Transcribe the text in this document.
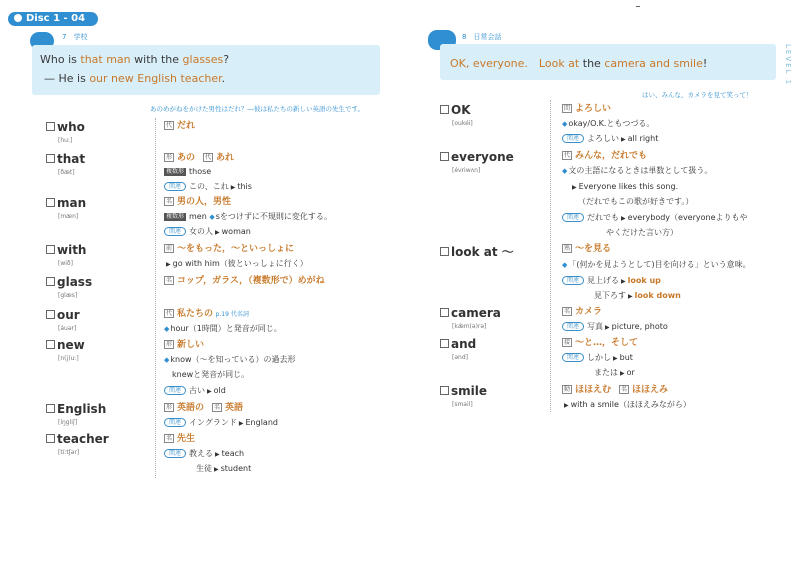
Disc 1 - 04
7　 学校
Who is that man with the glasses?
— He is our new English teacher.
あのめがねをかけた男性はだれ？―彼は私たちの新しい英語の先生です。
who
[huː]
代 だれ
that
[ðæt]
形 あの　 代 あれ
複数形 those
関連 この、これ ▶ this
man
[mæn]
名 男の人，男性
複数形 men ◆sをつけずに不規則に変化する。
関連 女の人 ▶ woman
with
[wið]
前 ～をもった，～といっしょに
▶ go with him（彼といっしょに行く）
glass
[glæs]
名 コップ，ガラス，（複数形で）めがね
our
[áuər]
代 私たちの p.19 代名詞
◆hour（1時間）と発音が同じ。
new
[n(j)uː]
形 新しい
◆know（～を知っている）の過去形
knewと発音が同じ。
関連 古い ▶ old
English
[íŋgliʃ]
形 英語の　 名 英語
関連 イングランド ▶ England
teacher
[tíːtʃər]
名 先生
関連 教える ▶ teach
生徒 ▶ student
8　 日常会話
OK, everyone.　 Look at the camera and smile!
はい、みんな、カメラを見て笑って！
LEVEL 1
OK
[oukéi]
間 よろしい
◆okay/O.K.ともつづる。
関連 よろしい ▶ all right
everyone
[évriwʌn]
代 みんな，だれでも
◆文の主語になるときは単数として扱う。
▶ Everyone likes this song.
（だれでもこの歌が好きです。）
関連 だれでも ▶ everybody（everyoneよりもや
やくだけた言い方）
look at ～	熟 ～を見る
◆「(何かを見ようとして)目を向ける」という意味。
関連 見上げる ▶ look up
見下ろす ▶ look down
camera
[kǽm(ə)rə]
名 カメラ
関連 写真 ▶ picture, photo
and
[ənd]
接 ～と…，そして
関連 しかし ▶ but
または ▶ or
smile
[smail]
動 ほほえむ　 名 ほほえみ
▶ with a smile（ほほえみながら）
